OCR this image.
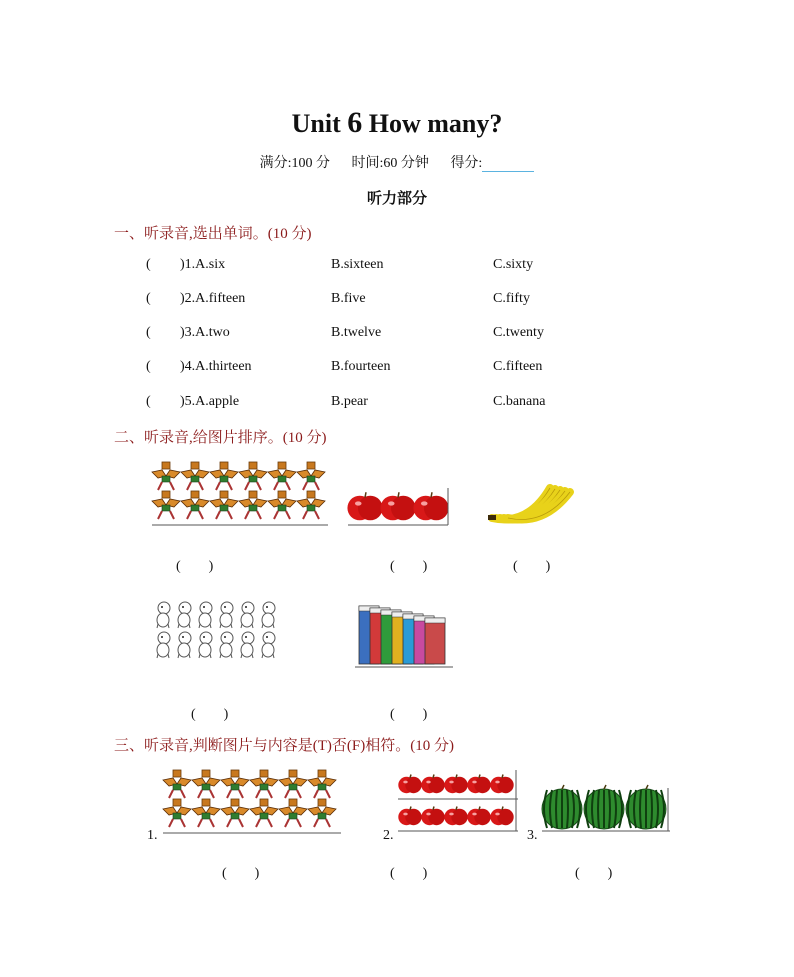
Unit 6 How many?
满分:100 分 时间:60 分钟 得分:
听力部分
一、听录音,选出单词。(10 分)
( )1.A.six	B.sixteen	C.sixty
( )2.A.fifteen	B.five	C.fifty
( )3.A.two	B.twelve	C.twenty
( )4.A.thirteen	B.fourteen	C.fifteen
( )5.A.apple	B.pear	C.banana
二、听录音,给图片排序。(10 分)
(　　)	(　　)	(　　)
(　　)	(　　)
三、听录音,判断图片与内容是(T)否(F)相符。(10 分)
1.	2.	3.
(　　)	(　　)	(　　)
